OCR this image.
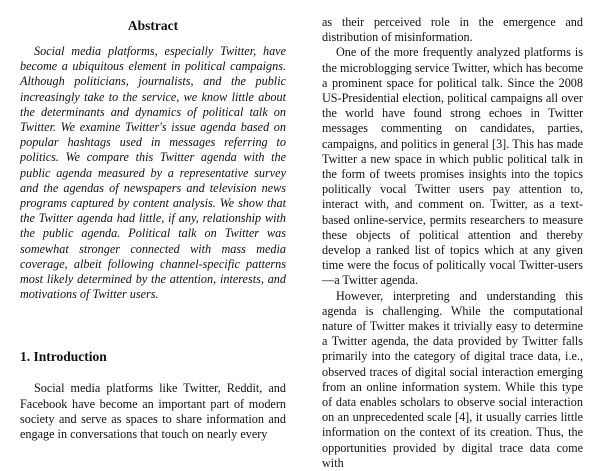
Abstract

Social media platforms, especially Twitter, have become a ubiquitous element in political campaigns. Although politicians, journalists, and the public increasingly take to the service, we know little about the determinants and dynamics of political talk on Twitter. We examine Twitter's issue agenda based on popular hashtags used in messages referring to politics. We compare this Twitter agenda with the public agenda measured by a representative survey and the agendas of newspapers and television news programs captured by content analysis. We show that the Twitter agenda had little, if any, relationship with the public agenda. Political talk on Twitter was somewhat stronger connected with mass media coverage, albeit following channel-specific patterns most likely determined by the attention, interests, and motivations of Twitter users.

1. Introduction

Social media platforms like Twitter, Reddit, and Facebook have become an important part of modern society and serve as spaces to share information and engage in conversations that touch on nearly every

as their perceived role in the emergence and distribution of misinformation.

One of the more frequently analyzed platforms is the microblogging service Twitter, which has become a prominent space for political talk. Since the 2008 US-Presidential election, political campaigns all over the world have found strong echoes in Twitter messages commenting on candidates, parties, campaigns, and politics in general [3]. This has made Twitter a new space in which public political talk in the form of tweets promises insights into the topics politically vocal Twitter users pay attention to, interact with, and comment on. Twitter, as a text-based online-service, permits researchers to measure these objects of political attention and thereby develop a ranked list of topics which at any given time were the focus of politically vocal Twitter-users—a Twitter agenda.

However, interpreting and understanding this agenda is challenging. While the computational nature of Twitter makes it trivially easy to determine a Twitter agenda, the data provided by Twitter falls primarily into the category of digital trace data, i.e., observed traces of digital social interaction emerging from an online information system. While this type of data enables scholars to observe social interaction on an unprecedented scale [4], it usually carries little information on the context of its creation. Thus, the opportunities provided by digital trace data come with
